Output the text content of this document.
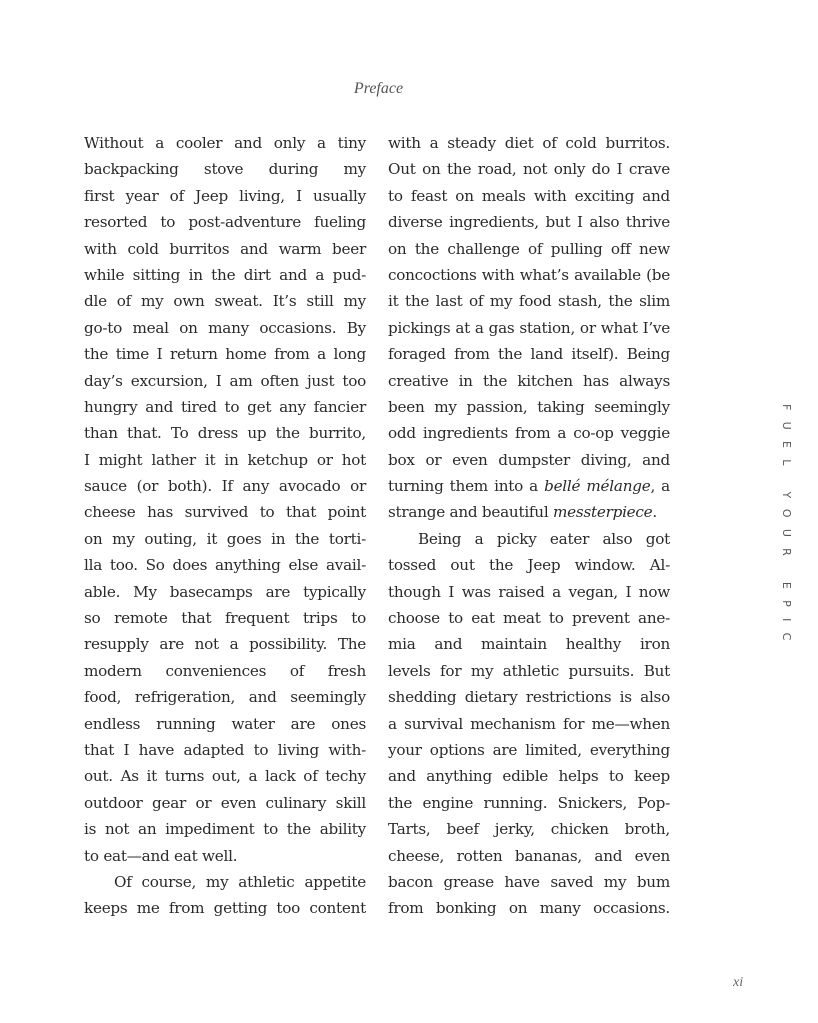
Preface
Without a cooler and only a tiny
backpacking stove during my
first year of Jeep living, I usually
resorted to post-adventure fueling
with cold burritos and warm beer
while sitting in the dirt and a pud-
dle of my own sweat. It’s still my
go-to meal on many occasions. By
the time I return home from a long
day’s excursion, I am often just too
hungry and tired to get any fancier
than that. To dress up the burrito,
I might lather it in ketchup or hot
sauce (or both). If any avocado or
cheese has survived to that point
on my outing, it goes in the torti-
lla too. So does anything else avail-
able. My basecamps are typically
so remote that frequent trips to
resupply are not a possibility. The
modern conveniences of fresh
food, refrigeration, and seemingly
endless running water are ones
that I have adapted to living with-
out. As it turns out, a lack of techy
outdoor gear or even culinary skill
is not an impediment to the ability
to eat—and eat well.
Of course, my athletic appetite
keeps me from getting too content
with a steady diet of cold burritos.
Out on the road, not only do I crave
to feast on meals with exciting and
diverse ingredients, but I also thrive
on the challenge of pulling off new
concoctions with what’s available (be
it the last of my food stash, the slim
pickings at a gas station, or what I’ve
foraged from the land itself). Being
creative in the kitchen has always
been my passion, taking seemingly
odd ingredients from a co-op veggie
box or even dumpster diving, and
turning them into a bellé mélange, a
strange and beautiful messterpiece.
Being a picky eater also got
tossed out the Jeep window. Al-
though I was raised a vegan, I now
choose to eat meat to prevent ane-
mia and maintain healthy iron
levels for my athletic pursuits. But
shedding dietary restrictions is also
a survival mechanism for me—when
your options are limited, everything
and anything edible helps to keep
the engine running. Snickers, Pop-
Tarts, beef jerky, chicken broth,
cheese, rotten bananas, and even
bacon grease have saved my bum
from bonking on many occasions.
FUEL YOUR EPIC
xi
